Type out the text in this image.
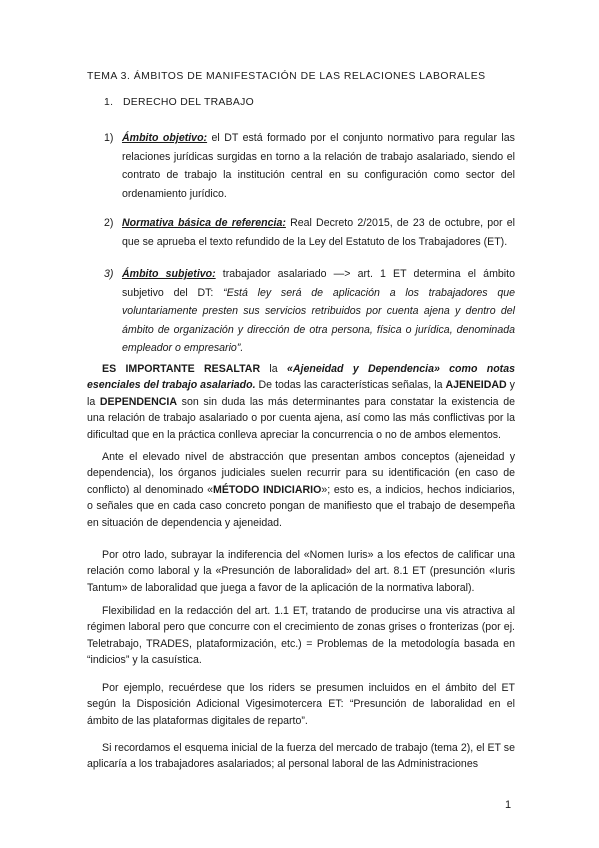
TEMA 3. ÁMBITOS DE MANIFESTACIÓN DE LAS RELACIONES LABORALES
1. DERECHO DEL TRABAJO
1) Ámbito objetivo: el DT está formado por el conjunto normativo para regular las relaciones jurídicas surgidas en torno a la relación de trabajo asalariado, siendo el contrato de trabajo la institución central en su configuración como sector del ordenamiento jurídico.
2) Normativa básica de referencia: Real Decreto 2/2015, de 23 de octubre, por el que se aprueba el texto refundido de la Ley del Estatuto de los Trabajadores (ET).
3) Ámbito subjetivo: trabajador asalariado —> art. 1 ET determina el ámbito subjetivo del DT: “Está ley será de aplicación a los trabajadores que voluntariamente presten sus servicios retribuidos por cuenta ajena y dentro del ámbito de organización y dirección de otra persona, física o jurídica, denominada empleador o empresario”.
ES IMPORTANTE RESALTAR la «Ajeneidad y Dependencia» como notas esenciales del trabajo asalariado. De todas las características señalas, la AJENEIDAD y la DEPENDENCIA son sin duda las más determinantes para constatar la existencia de una relación de trabajo asalariado o por cuenta ajena, así como las más conflictivas por la dificultad que en la práctica conlleva apreciar la concurrencia o no de ambos elementos.
Ante el elevado nivel de abstracción que presentan ambos conceptos (ajeneidad y dependencia), los órganos judiciales suelen recurrir para su identificación (en caso de conflicto) al denominado «MÉTODO INDICIARIO»; esto es, a indicios, hechos indiciarios, o señales que en cada caso concreto pongan de manifiesto que el trabajo de desempeña en situación de dependencia y ajeneidad.
Por otro lado, subrayar la indiferencia del «Nomen Iuris» a los efectos de calificar una relación como laboral y la «Presunción de laboralidad» del art. 8.1 ET (presunción «Iuris Tantum» de laboralidad que juega a favor de la aplicación de la normativa laboral).
Flexibilidad en la redacción del art. 1.1 ET, tratando de producirse una vis atractiva al régimen laboral pero que concurre con el crecimiento de zonas grises o fronterizas (por ej. Teletrabajo, TRADES, plataformización, etc.) = Problemas de la metodología basada en “indicios” y la casuística.
Por ejemplo, recuérdese que los riders se presumen incluidos en el ámbito del ET según la Disposición Adicional Vigesimotercera ET: “Presunción de laboralidad en el ámbito de las plataformas digitales de reparto”.
Si recordamos el esquema inicial de la fuerza del mercado de trabajo (tema 2), el ET se aplicaría a los trabajadores asalariados; al personal laboral de las Administraciones
1
